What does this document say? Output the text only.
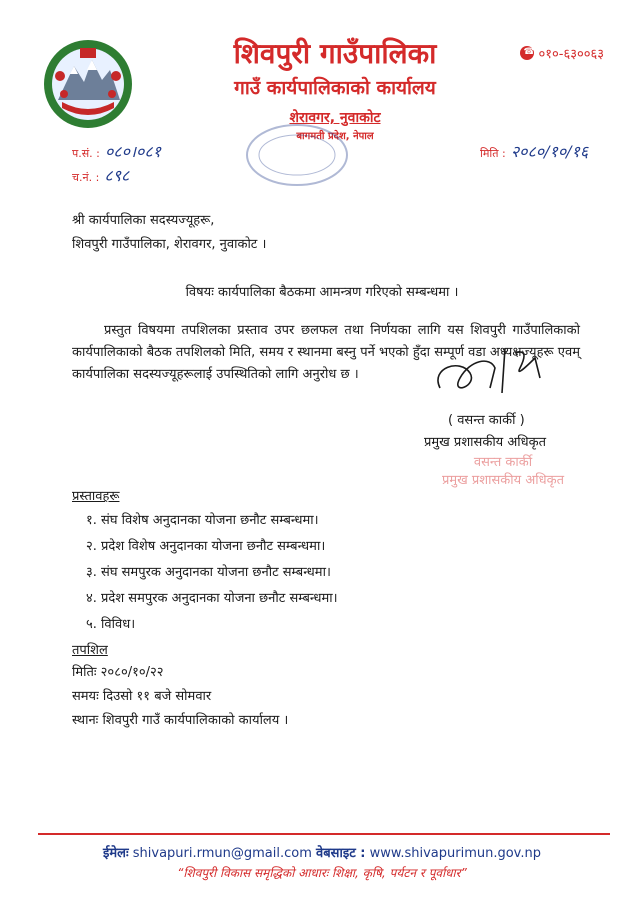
शिवपुरी गाउँपालिका
गाउँ कार्यपालिकाको कार्यालय
शेरावगर, नुवाकोट
बागमती प्रदेश, नेपाल
☎
०१०-६३००६३
प.सं. : ०८०।०८१
च.नं. : ८९८
मिति : २०८०/१०/१६
श्री कार्यपालिका सदस्यज्यूहरू,
शिवपुरी गाउँपालिका, शेरावगर, नुवाकोट ।
विषयः कार्यपालिका बैठकमा आमन्त्रण गरिएको सम्बन्धमा ।
प्रस्तुत विषयमा तपशिलका प्रस्ताव उपर छलफल तथा निर्णयका लागि यस शिवपुरी गाउँपालिकाको कार्यपालिकाको बैठक तपशिलको मिति, समय र स्थानमा बस्नु पर्ने भएको हुँदा सम्पूर्ण वडा अध्यक्षज्यूहरू एवम् कार्यपालिका सदस्यज्यूहरूलाई उपस्थितिको लागि अनुरोध छ ।
( वसन्त कार्की )
प्रमुख प्रशासकीय अधिकृत
वसन्त कार्की
प्रमुख प्रशासकीय अधिकृत
प्रस्तावहरू
१. संघ विशेष अनुदानका योजना छनौट सम्बन्धमा।
२. प्रदेश विशेष अनुदानका योजना छनौट सम्बन्धमा।
३. संघ समपुरक अनुदानका योजना छनौट सम्बन्धमा।
४. प्रदेश समपुरक अनुदानका योजना छनौट सम्बन्धमा।
५. विविध।
तपशिल
मितिः २०८०/१०/२२
समयः दिउसो ११ बजे सोमवार
स्थानः शिवपुरी गाउँ कार्यपालिकाको कार्यालय ।
ईमेलः shivapuri.rmun@gmail.com वेबसाइट : www.shivapurimun.gov.np
“शिवपुरी विकास समृद्धिको आधारः शिक्षा, कृषि, पर्यटन र पूर्वाधार”
